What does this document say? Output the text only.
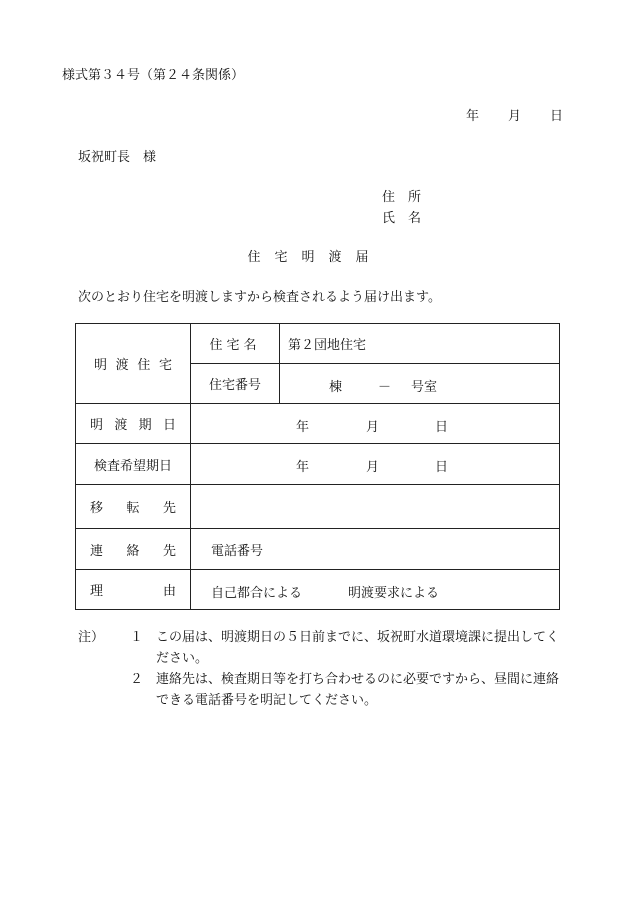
様式第３４号（第２４条関係）
年 月 日
坂祝町長　様
住　所
氏　名
住宅明渡届
次のとおり住宅を明渡しますから検査されるよう届け出ます。
明 渡 住 宅	住宅名	第２団地住宅
	住宅番号	棟 － 号室

明 渡 期 日	年 月 日	

検査希望期日	年 月 日	

移 転 先		

連 絡 先	電話番号	

理 由	自己都合による 明渡要求による	
注）	１ この届は、明渡期日の５日前までに、坂祝町水道環境課に提出してください。
２ 連絡先は、検査期日等を打ち合わせるのに必要ですから、昼間に連絡できる電話番号を明記してください。
